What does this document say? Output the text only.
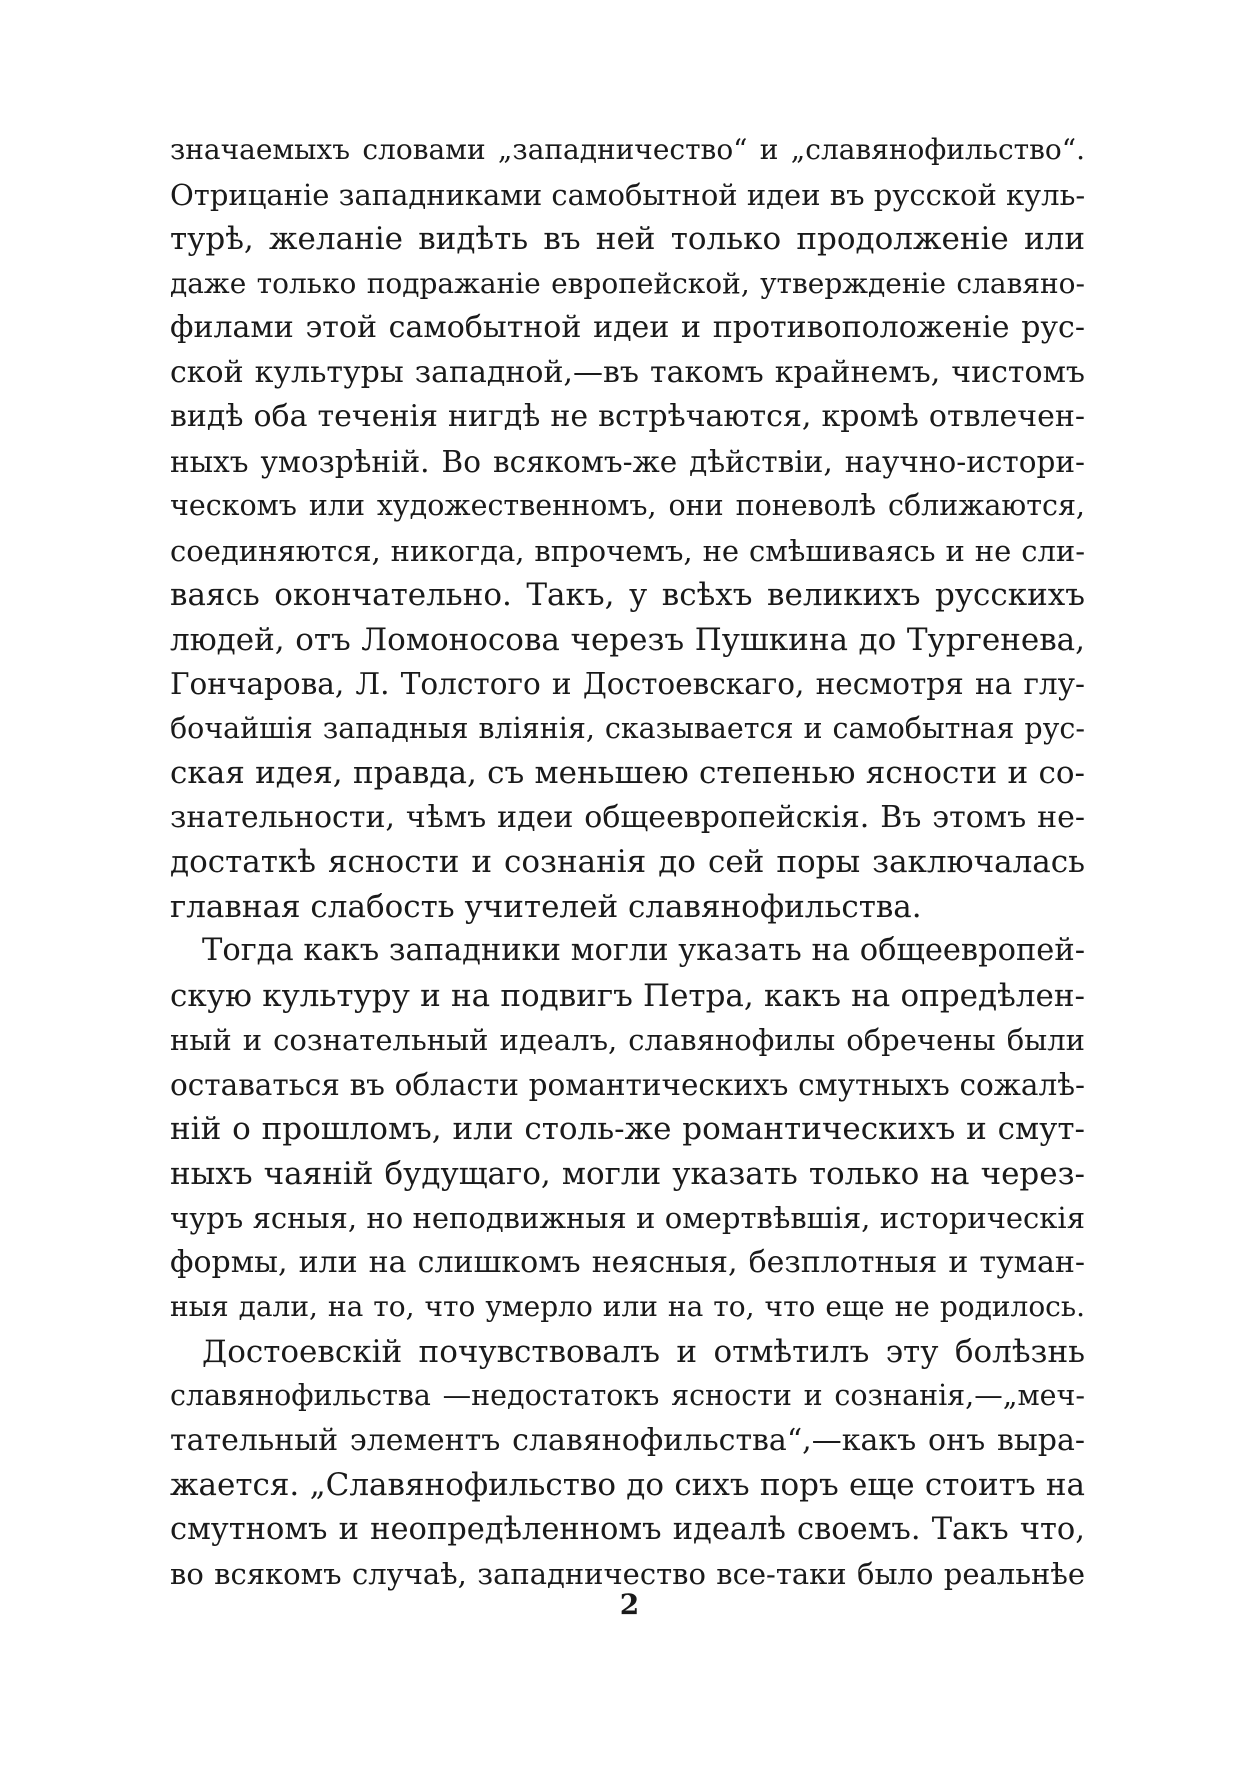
значаемыхъ словами „западничество“ и „славянофильство“.
Отрицаніе западниками самобытной идеи въ русской куль-
турѣ, желаніе видѣть въ ней только продолженіе или
даже только подражаніе европейской, утвержденіе славяно-
филами этой самобытной идеи и противоположеніе рус-
ской культуры западной,—въ такомъ крайнемъ, чистомъ
видѣ оба теченія нигдѣ не встрѣчаются, кромѣ отвлечен-
ныхъ умозрѣній. Во всякомъ-же дѣйствіи, научно-истори-
ческомъ или художественномъ, они поневолѣ сближаются,
соединяются, никогда, впрочемъ, не смѣшиваясь и не сли-
ваясь окончательно. Такъ, у всѣхъ великихъ русскихъ
людей, отъ Ломоносова черезъ Пушкина до Тургенева,
Гончарова, Л. Толстого и Достоевскаго, несмотря на глу-
бочайшія западныя вліянія, сказывается и самобытная рус-
ская идея, правда, съ меньшею степенью ясности и со-
знательности, чѣмъ идеи общеевропейскія. Въ этомъ не-
достаткѣ ясности и сознанія до сей поры заключалась
главная слабость учителей славянофильства.
Тогда какъ западники могли указать на общеевропей-
скую культуру и на подвигъ Петра, какъ на опредѣлен-
ный и сознательный идеалъ, славянофилы обречены были
оставаться въ области романтическихъ смутныхъ сожалѣ-
ній о прошломъ, или столь-же романтическихъ и смут-
ныхъ чаяній будущаго, могли указать только на через-
чуръ ясныя, но неподвижныя и омертвѣвшія, историческія
формы, или на слишкомъ неясныя, безплотныя и туман-
ныя дали, на то, что умерло или на то, что еще не родилось.
Достоевскій почувствовалъ и отмѣтилъ эту болѣзнь
славянофильства —недостатокъ ясности и сознанія,—„меч-
тательный элементъ славянофильства“,—какъ онъ выра-
жается. „Славянофильство до сихъ поръ еще стоитъ на
смутномъ и неопредѣленномъ идеалѣ своемъ. Такъ что,
во всякомъ случаѣ, западничество все-таки было реальнѣе
2
